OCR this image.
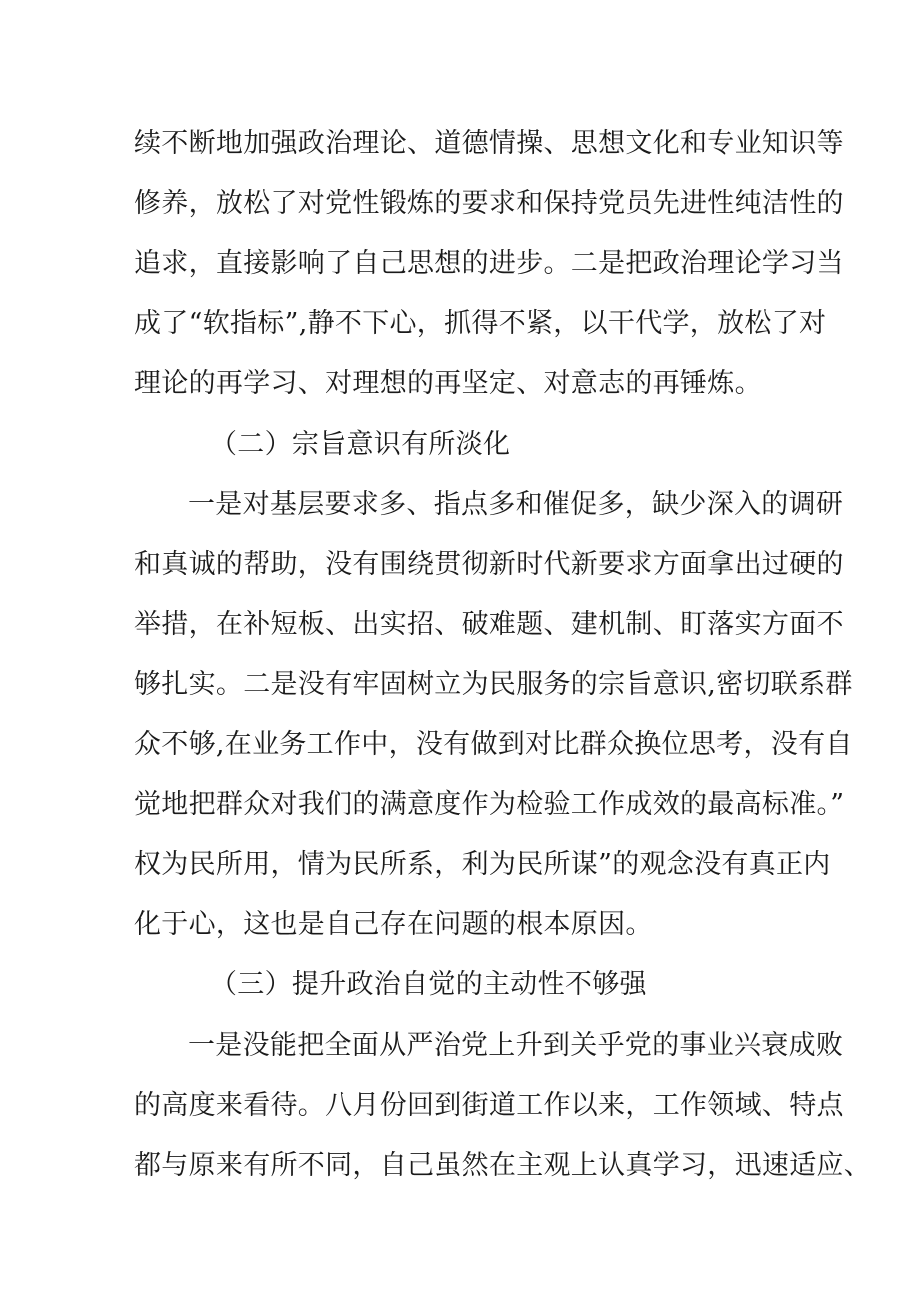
续不断地加强政治理论、道德情操、思想文化和专业知识等

修养，放松了对党性锻炼的要求和保持党员先进性纯洁性的

追求，直接影响了自己思想的进步。二是把政治理论学习当

成了“软指标”,静不下心，抓得不紧，以干代学，放松了对

理论的再学习、对理想的再坚定、对意志的再锤炼。

（二）宗旨意识有所淡化

一是对基层要求多、指点多和催促多，缺少深入的调研

和真诚的帮助，没有围绕贯彻新时代新要求方面拿出过硬的

举措，在补短板、出实招、破难题、建机制、盯落实方面不

够扎实。二是没有牢固树立为民服务的宗旨意识,密切联系群

众不够,在业务工作中，没有做到对比群众换位思考，没有自

觉地把群众对我们的满意度作为检验工作成效的最高标准。”

权为民所用，情为民所系，利为民所谋”的观念没有真正内

化于心，这也是自己存在问题的根本原因。

（三）提升政治自觉的主动性不够强

一是没能把全面从严治党上升到关乎党的事业兴衰成败

的高度来看待。八月份回到街道工作以来，工作领域、特点

都与原来有所不同，自己虽然在主观上认真学习，迅速适应、
